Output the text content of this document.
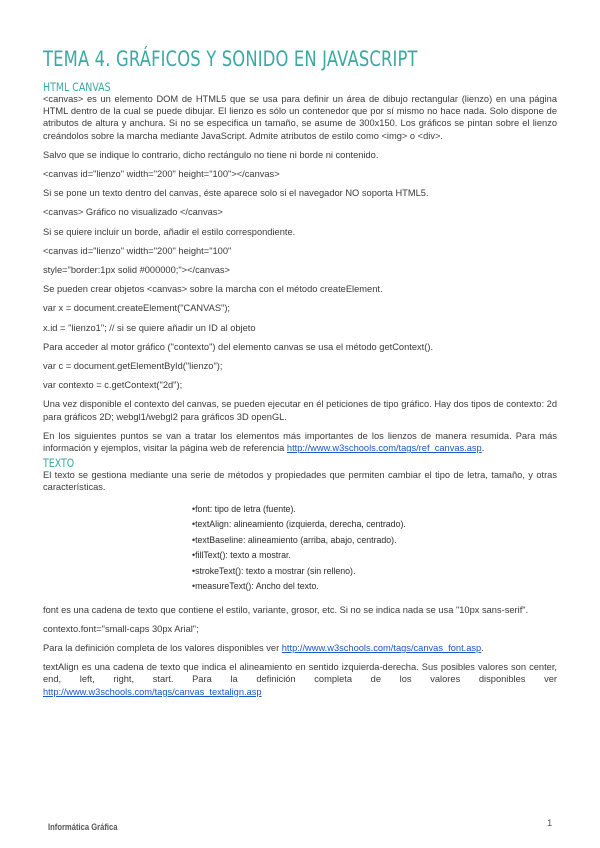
TEMA 4. GRÁFICOS Y SONIDO EN JAVASCRIPT
HTML CANVAS

<canvas> es un elemento DOM de HTML5 que se usa para definir un área de dibujo rectangular (lienzo) en una página HTML dentro de la cual se puede dibujar. El lienzo es sólo un contenedor que por sí mismo no hace nada. Solo dispone de atributos de altura y anchura. Si no se especifica un tamaño, se asume de 300x150. Los gráficos se pintan sobre el lienzo creándolos sobre la marcha mediante JavaScript. Admite atributos de estilo como <img> o <div>.

Salvo que se indique lo contrario, dicho rectángulo no tiene ni borde ni contenido.

<canvas id="lienzo" width="200" height="100"></canvas>

Si se pone un texto dentro del canvas, éste aparece solo si el navegador NO soporta HTML5.

<canvas> Gráfico no visualizado </canvas>

Si se quiere incluir un borde, añadir el estilo correspondiente.

<canvas id="lienzo" width="200" height="100"

style="border:1px solid #000000;"></canvas>

Se pueden crear objetos <canvas> sobre la marcha con el método createElement.

var x = document.createElement("CANVAS");

x.id = "lienzo1"; // si se quiere añadir un ID al objeto

Para acceder al motor gráfico ("contexto") del elemento canvas se usa el método getContext().

var c = document.getElementById("lienzo");

var contexto = c.getContext("2d");

Una vez disponible el contexto del canvas, se pueden ejecutar en él peticiones de tipo gráfico. Hay dos tipos de contexto: 2d para gráficos 2D; webgl1/webgl2 para gráficos 3D openGL.

En los siguientes puntos se van a tratar los elementos más importantes de los lienzos de manera resumida. Para más información y ejemplos, visitar la página web de referencia http://www.w3schools.com/tags/ref_canvas.asp.

TEXTO

El texto se gestiona mediante una serie de métodos y propiedades que permiten cambiar el tipo de letra, tamaño, y otras características.

•font: tipo de letra (fuente).
•textAlign: alineamiento (izquierda, derecha, centrado).
•textBaseline: alineamiento (arriba, abajo, centrado).
•fillText(): texto a mostrar.
•strokeText(): texto a mostrar (sin relleno).
•measureText(): Ancho del texto.

font es una cadena de texto que contiene el estilo, variante, grosor, etc. Si no se indica nada se usa "10px sans-serif".

contexto.font="small-caps 30px Arial";

Para la definición completa de los valores disponibles ver http://www.w3schools.com/tags/canvas_font.asp.

textAlign es una cadena de texto que indica el alineamiento en sentido izquierda-derecha. Sus posibles valores son center, end, left, right, start. Para la definición completa de los valores disponibles ver http://www.w3schools.com/tags/canvas_textalign.asp

Informática Gráfica	1
